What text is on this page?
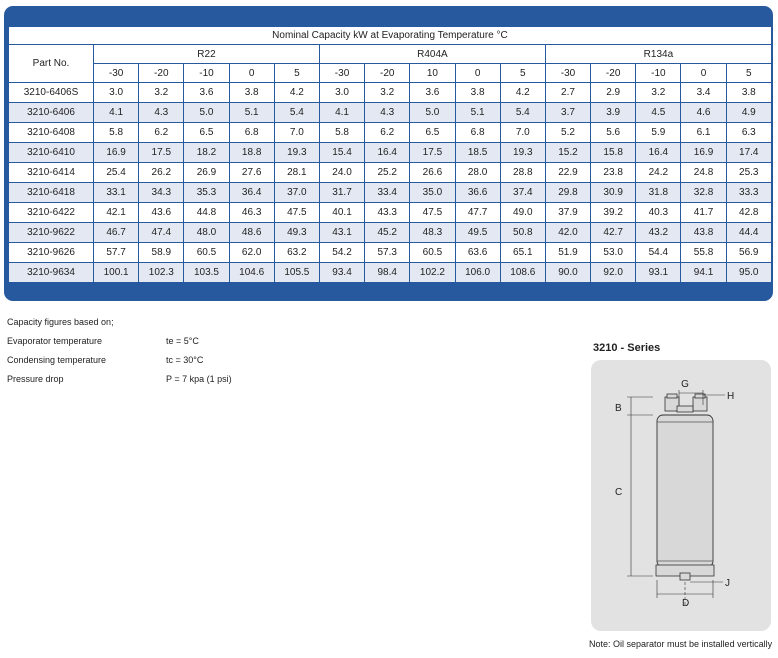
Nominal Capacity kW at Evaporating Temperature °C															
Part No.	R22					R404A					R134a				
	-30	-20	-10	0	5	-30	-20	10	0	5	-30	-20	-10	0	5
3210-6406S	3.0	3.2	3.6	3.8	4.2	3.0	3.2	3.6	3.8	4.2	2.7	2.9	3.2	3.4	3.8
3210-6406	4.1	4.3	5.0	5.1	5.4	4.1	4.3	5.0	5.1	5.4	3.7	3.9	4.5	4.6	4.9
3210-6408	5.8	6.2	6.5	6.8	7.0	5.8	6.2	6.5	6.8	7.0	5.2	5.6	5.9	6.1	6.3
3210-6410	16.9	17.5	18.2	18.8	19.3	15.4	16.4	17.5	18.5	19.3	15.2	15.8	16.4	16.9	17.4
3210-6414	25.4	26.2	26.9	27.6	28.1	24.0	25.2	26.6	28.0	28.8	22.9	23.8	24.2	24.8	25.3
3210-6418	33.1	34.3	35.3	36.4	37.0	31.7	33.4	35.0	36.6	37.4	29.8	30.9	31.8	32.8	33.3
3210-6422	42.1	43.6	44.8	46.3	47.5	40.1	43.3	47.5	47.7	49.0	37.9	39.2	40.3	41.7	42.8
3210-9622	46.7	47.4	48.0	48.6	49.3	43.1	45.2	48.3	49.5	50.8	42.0	42.7	43.2	43.8	44.4
3210-9626	57.7	58.9	60.5	62.0	63.2	54.2	57.3	60.5	63.6	65.1	51.9	53.0	54.4	55.8	56.9
3210-9634	100.1	102.3	103.5	104.6	105.5	93.4	98.4	102.2	106.0	108.6	90.0	92.0	93.1	94.1	95.0
Capacity figures based on;
Evaporator temperature	te = 5°C
Condensing temperature	tc = 30°C
Pressure drop	P = 7 kpa (1 psi)
3210 - Series
G
H
B
C
D
J
Note: Oil separator must be installed vertically
